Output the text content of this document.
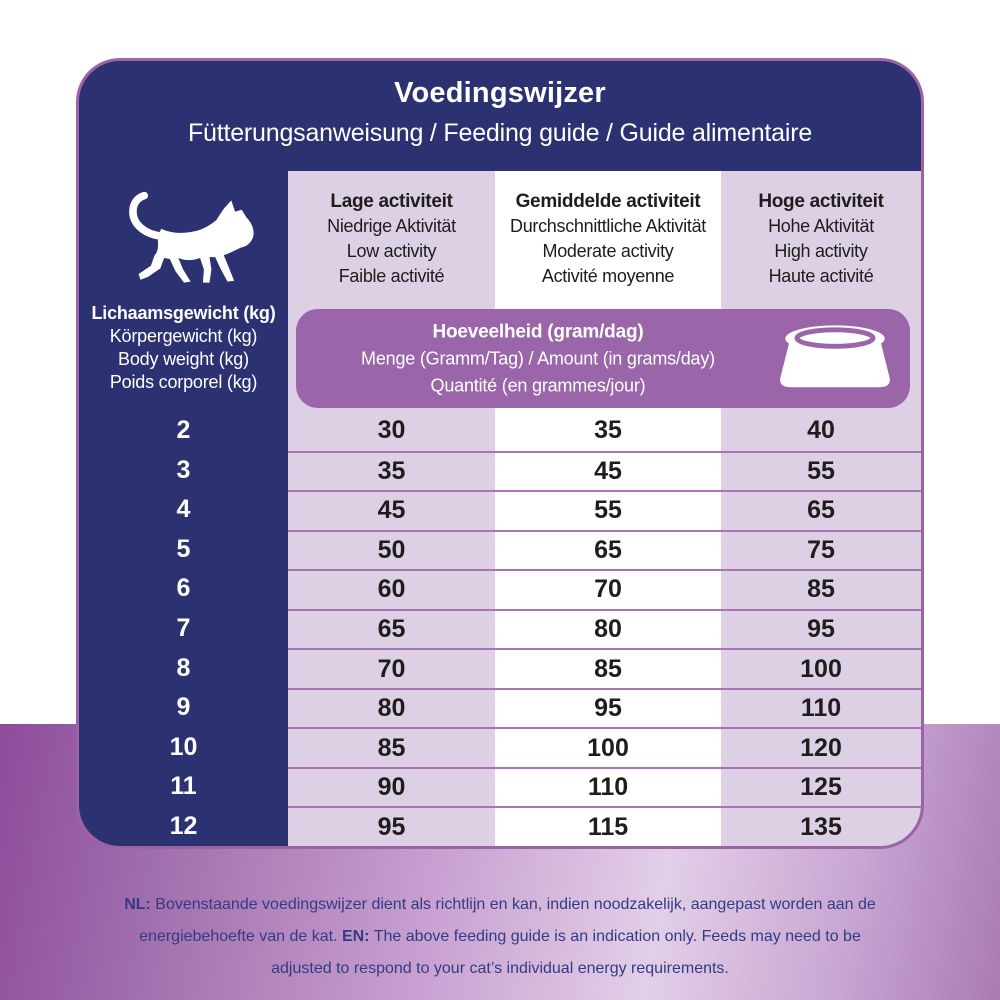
Voedingswijzer
Fütterungsanweisung / Feeding guide / Guide alimentaire
Lichaamsgewicht (kg)
Körpergewicht (kg)
Body weight (kg)
Poids corporel (kg)
Lage activiteit
Niedrige Aktivität
Low activity
Faible activité
Gemiddelde activiteit
Durchschnittliche Aktivität
Moderate activity
Activité moyenne
Hoge activiteit
Hohe Aktivität
High activity
Haute activité
Hoeveelheid (gram/dag)
Menge (Gramm/Tag) / Amount (in grams/day)
Quantité (en grammes/jour)
2	30	35	40
3	35	45	55
4	45	55	65
5	50	65	75
6	60	70	85
7	65	80	95
8	70	85	100
9	80	95	110
10	85	100	120
11	90	110	125
12	95	115	135
NL: Bovenstaande voedingswijzer dient als richtlijn en kan, indien noodzakelijk, aangepast worden aan de energiebehoefte van de kat. EN: The above feeding guide is an indication only. Feeds may need to be adjusted to respond to your cat’s individual energy requirements.
